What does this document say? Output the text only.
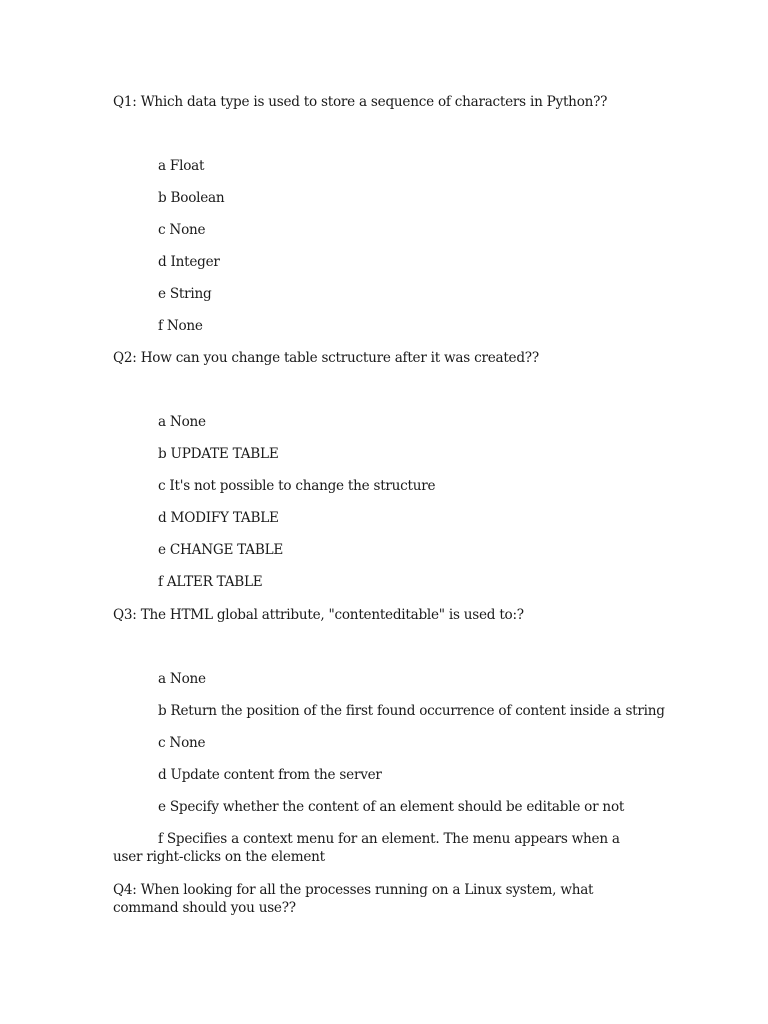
Q1: Which data type is used to store a sequence of characters in Python??
a Float
b Boolean
c None
d Integer
e String
f None
Q2: How can you change table sctructure after it was created??
a None
b UPDATE TABLE
c It's not possible to change the structure
d MODIFY TABLE
e CHANGE TABLE
f ALTER TABLE
Q3: The HTML global attribute, "contenteditable" is used to:?
a None
b Return the position of the first found occurrence of content inside a string
c None
d Update content from the server
e Specify whether the content of an element should be editable or not
f Specifies a context menu for an element. The menu appears when a user right-clicks on the element
Q4: When looking for all the processes running on a Linux system, what command should you use??
